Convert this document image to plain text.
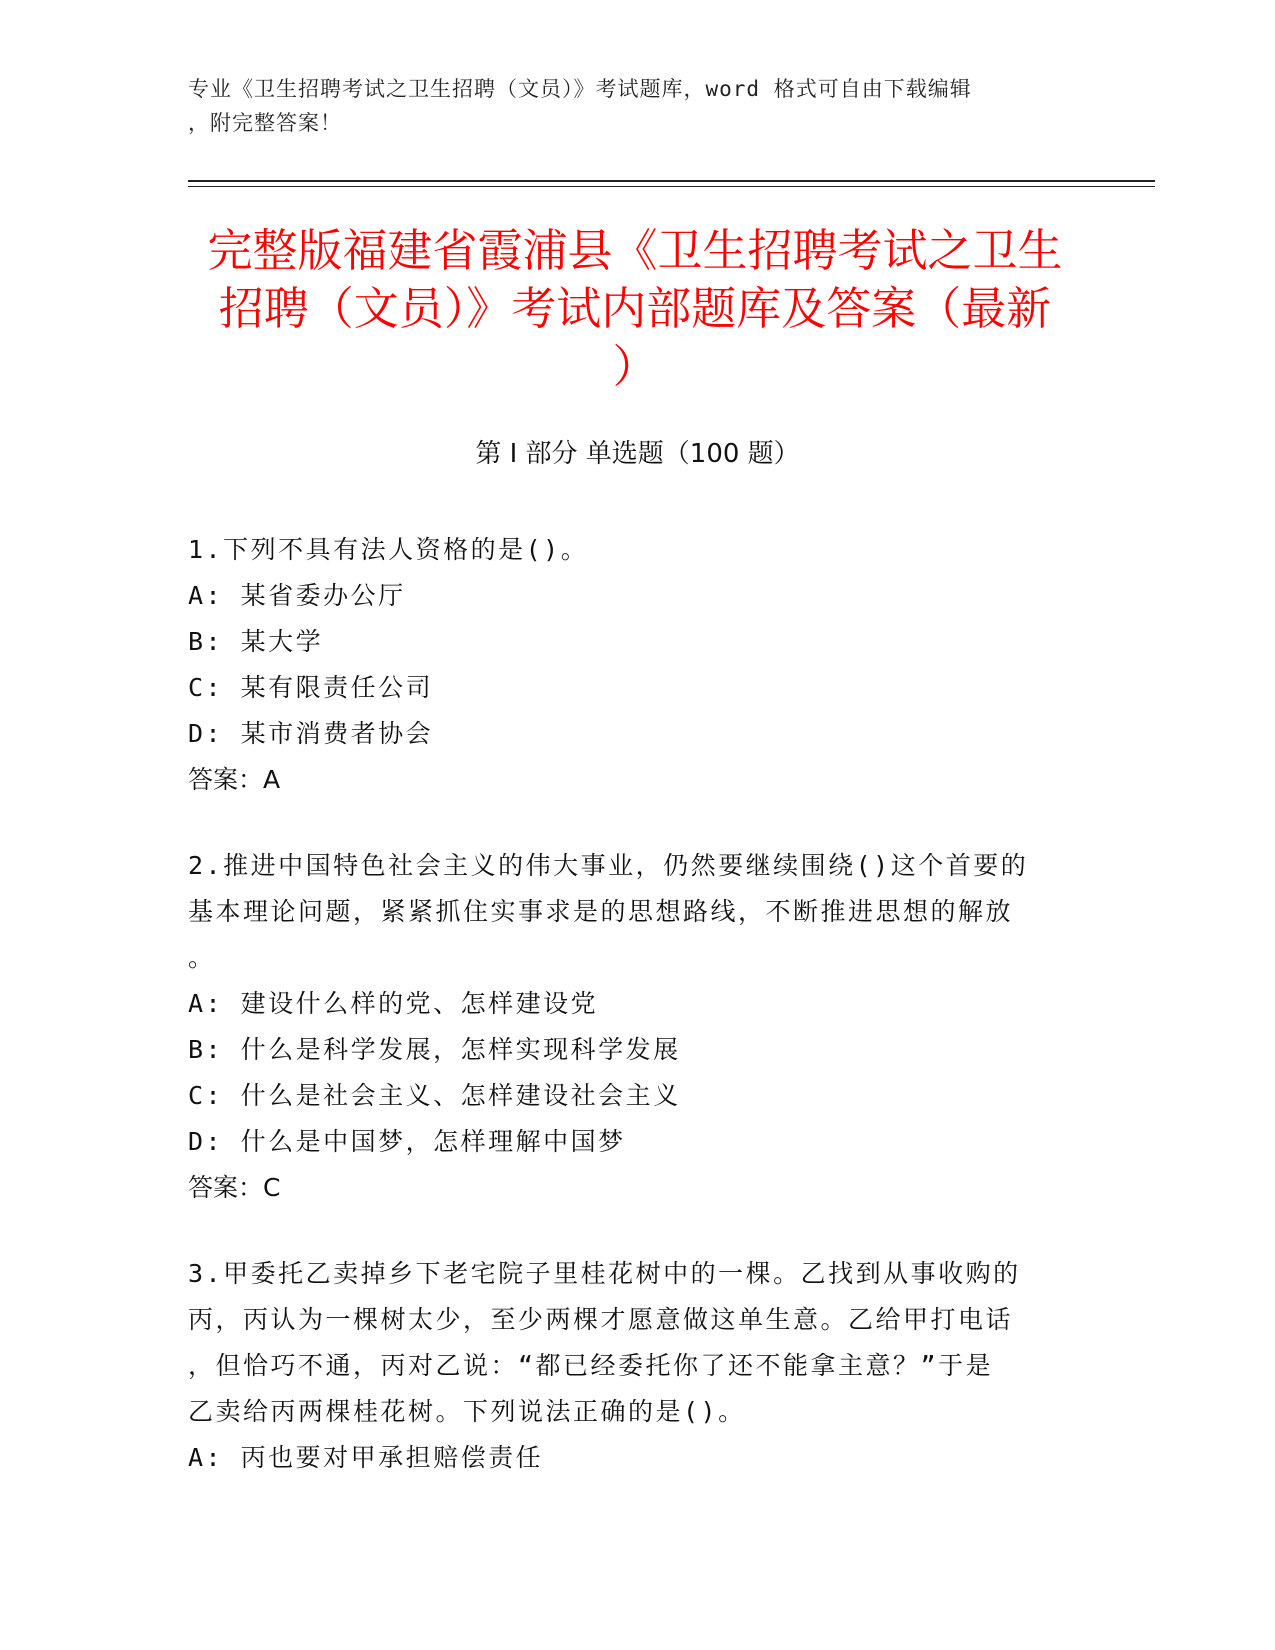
专业《卫生招聘考试之卫生招聘（文员）》考试题库，word 格式可自由下载编辑
，附完整答案！
完整版福建省霞浦县《卫生招聘考试之卫生
招聘（文员）》考试内部题库及答案（最新
）
第 I 部分 单选题（100 题）
1.下列不具有法人资格的是()。
A: 某省委办公厅
B: 某大学
C: 某有限责任公司
D: 某市消费者协会
答案：A
2.推进中国特色社会主义的伟大事业，仍然要继续围绕()这个首要的
基本理论问题，紧紧抓住实事求是的思想路线，不断推进思想的解放
。
A: 建设什么样的党、怎样建设党
B: 什么是科学发展，怎样实现科学发展
C: 什么是社会主义、怎样建设社会主义
D: 什么是中国梦，怎样理解中国梦
答案：C
3.甲委托乙卖掉乡下老宅院子里桂花树中的一棵。乙找到从事收购的
丙，丙认为一棵树太少，至少两棵才愿意做这单生意。乙给甲打电话
，但恰巧不通，丙对乙说：“都已经委托你了还不能拿主意？”于是
乙卖给丙两棵桂花树。下列说法正确的是()。
A: 丙也要对甲承担赔偿责任
